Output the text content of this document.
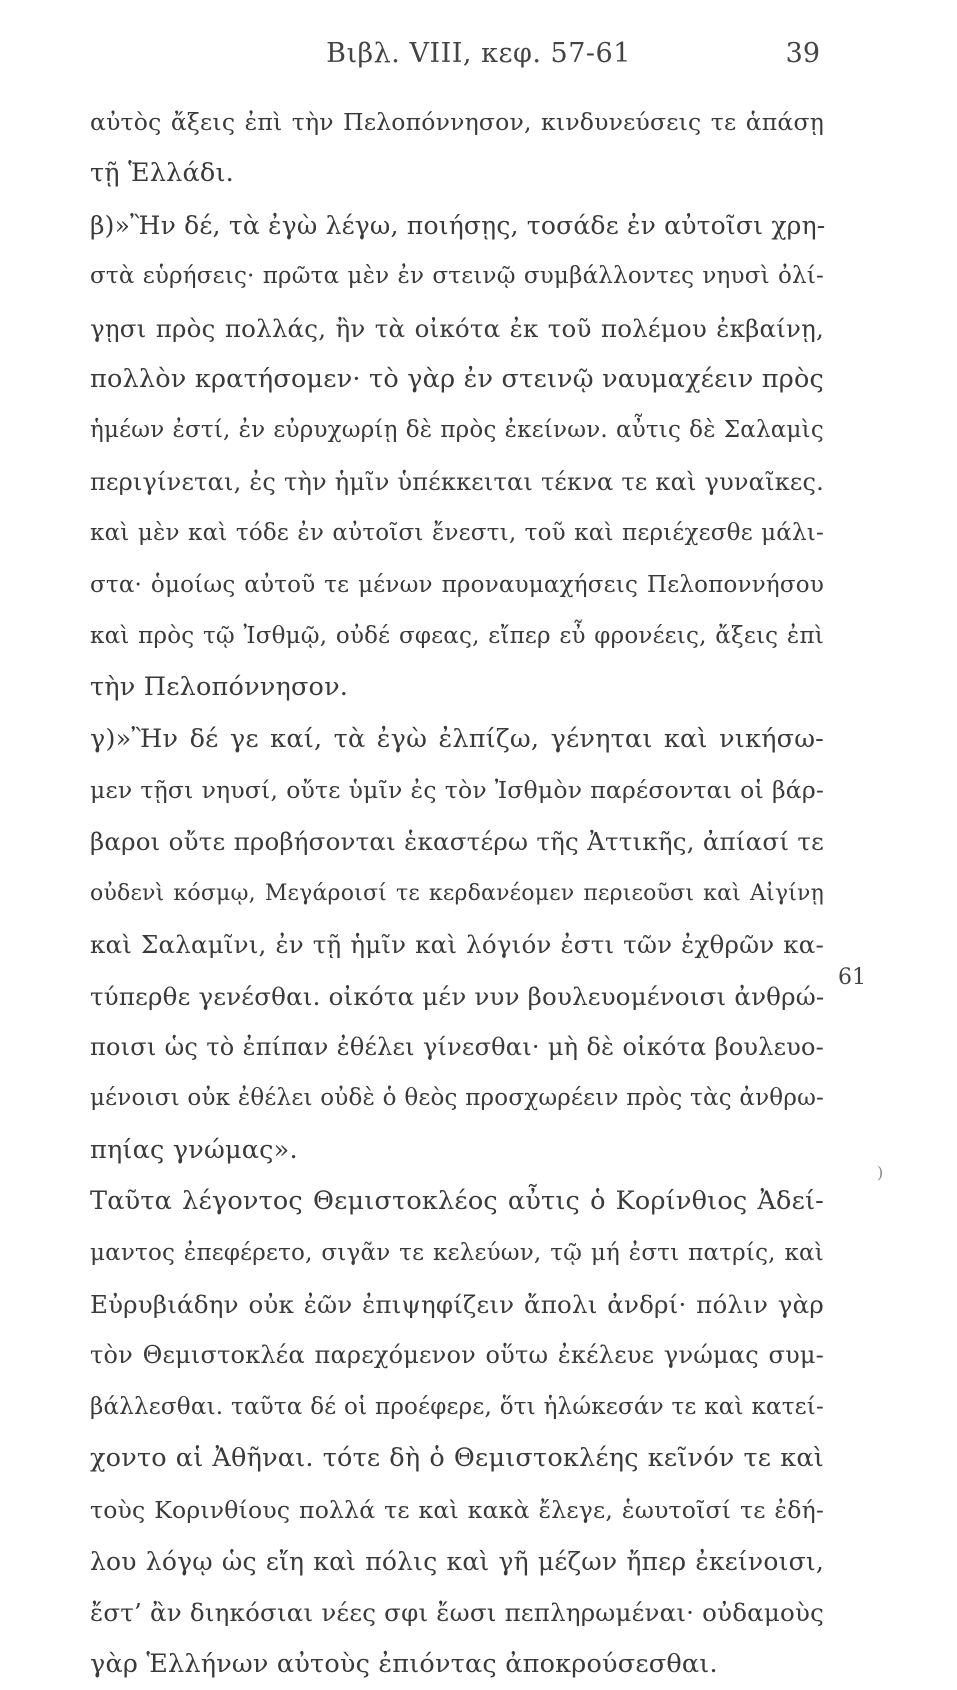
Βιβλ. VIII, κεφ. 57-61	39
αὐτὸς ἄξεις ἐπὶ τὴν Πελοπόννησον, κινδυνεύσεις τε ἁπάσῃ
τῇ Ἑλλάδι.
β)»Ἢν δέ, τὰ ἐγὼ λέγω, ποιήσῃς, τοσάδε ἐν αὐτοῖσι χρη-
στὰ εὑρήσεις· πρῶτα μὲν ἐν στεινῷ συμβάλλοντες νηυσὶ ὀλί-
γῃσι πρὸς πολλάς, ἢν τὰ οἰκότα ἐκ τοῦ πολέμου ἐκβαίνῃ,
πολλὸν κρατήσομεν· τὸ γὰρ ἐν στεινῷ ναυμαχέειν πρὸς
ἡμέων ἐστί, ἐν εὐρυχωρίῃ δὲ πρὸς ἐκείνων. αὖτις δὲ Σαλαμὶς
περιγίνεται, ἐς τὴν ἡμῖν ὑπέκκειται τέκνα τε καὶ γυναῖκες.
καὶ μὲν καὶ τόδε ἐν αὐτοῖσι ἔνεστι, τοῦ καὶ περιέχεσθε μάλι-
στα· ὁμοίως αὐτοῦ τε μένων προναυμαχήσεις Πελοποννήσου
καὶ πρὸς τῷ Ἰσθμῷ, οὐδέ σφεας, εἴπερ εὖ φρονέεις, ἄξεις ἐπὶ
τὴν Πελοπόννησον.
γ)»Ἢν δέ γε καί, τὰ ἐγὼ ἐλπίζω, γένηται καὶ νικήσω-
μεν τῇσι νηυσί, οὔτε ὑμῖν ἐς τὸν Ἰσθμὸν παρέσονται οἱ βάρ-
βαροι οὔτε προβήσονται ἑκαστέρω τῆς Ἀττικῆς, ἀπίασί τε
οὐδενὶ κόσμῳ, Μεγάροισί τε κερδανέομεν περιεοῦσι καὶ Αἰγίνῃ
καὶ Σαλαμῖνι, ἐν τῇ ἡμῖν καὶ λόγιόν ἐστι τῶν ἐχθρῶν κα-
τύπερθε γενέσθαι. οἰκότα μέν νυν βουλευομένοισι ἀνθρώ-
ποισι ὡς τὸ ἐπίπαν ἐθέλει γίνεσθαι· μὴ δὲ οἰκότα βουλευο-
μένοισι οὐκ ἐθέλει οὐδὲ ὁ θεὸς προσχωρέειν πρὸς τὰς ἀνθρω-
πηίας γνώμας».
Ταῦτα λέγοντος Θεμιστοκλέος αὖτις ὁ Κορίνθιος Ἀδεί-
μαντος ἐπεφέρετο, σιγᾶν τε κελεύων, τῷ μή ἐστι πατρίς, καὶ
Εὐρυβιάδην οὐκ ἐῶν ἐπιψηφίζειν ἄπολι ἀνδρί· πόλιν γὰρ
τὸν Θεμιστοκλέα παρεχόμενον οὕτω ἐκέλευε γνώμας συμ-
βάλλεσθαι. ταῦτα δέ οἱ προέφερε, ὅτι ἡλώκεσάν τε καὶ κατεί-
χοντο αἱ Ἀθῆναι. τότε δὴ ὁ Θεμιστοκλέης κεῖνόν τε καὶ
τοὺς Κορινθίους πολλά τε καὶ κακὰ ἔλεγε, ἑωυτοῖσί τε ἐδή-
λου λόγῳ ὡς εἴη καὶ πόλις καὶ γῆ μέζων ἤπερ ἐκείνοισι,
ἔστ’ ἂν διηκόσιαι νέες σφι ἔωσι πεπληρωμέναι· οὐδαμοὺς
γὰρ Ἑλλήνων αὐτοὺς ἐπιόντας ἀποκρούσεσθαι.
61
)
